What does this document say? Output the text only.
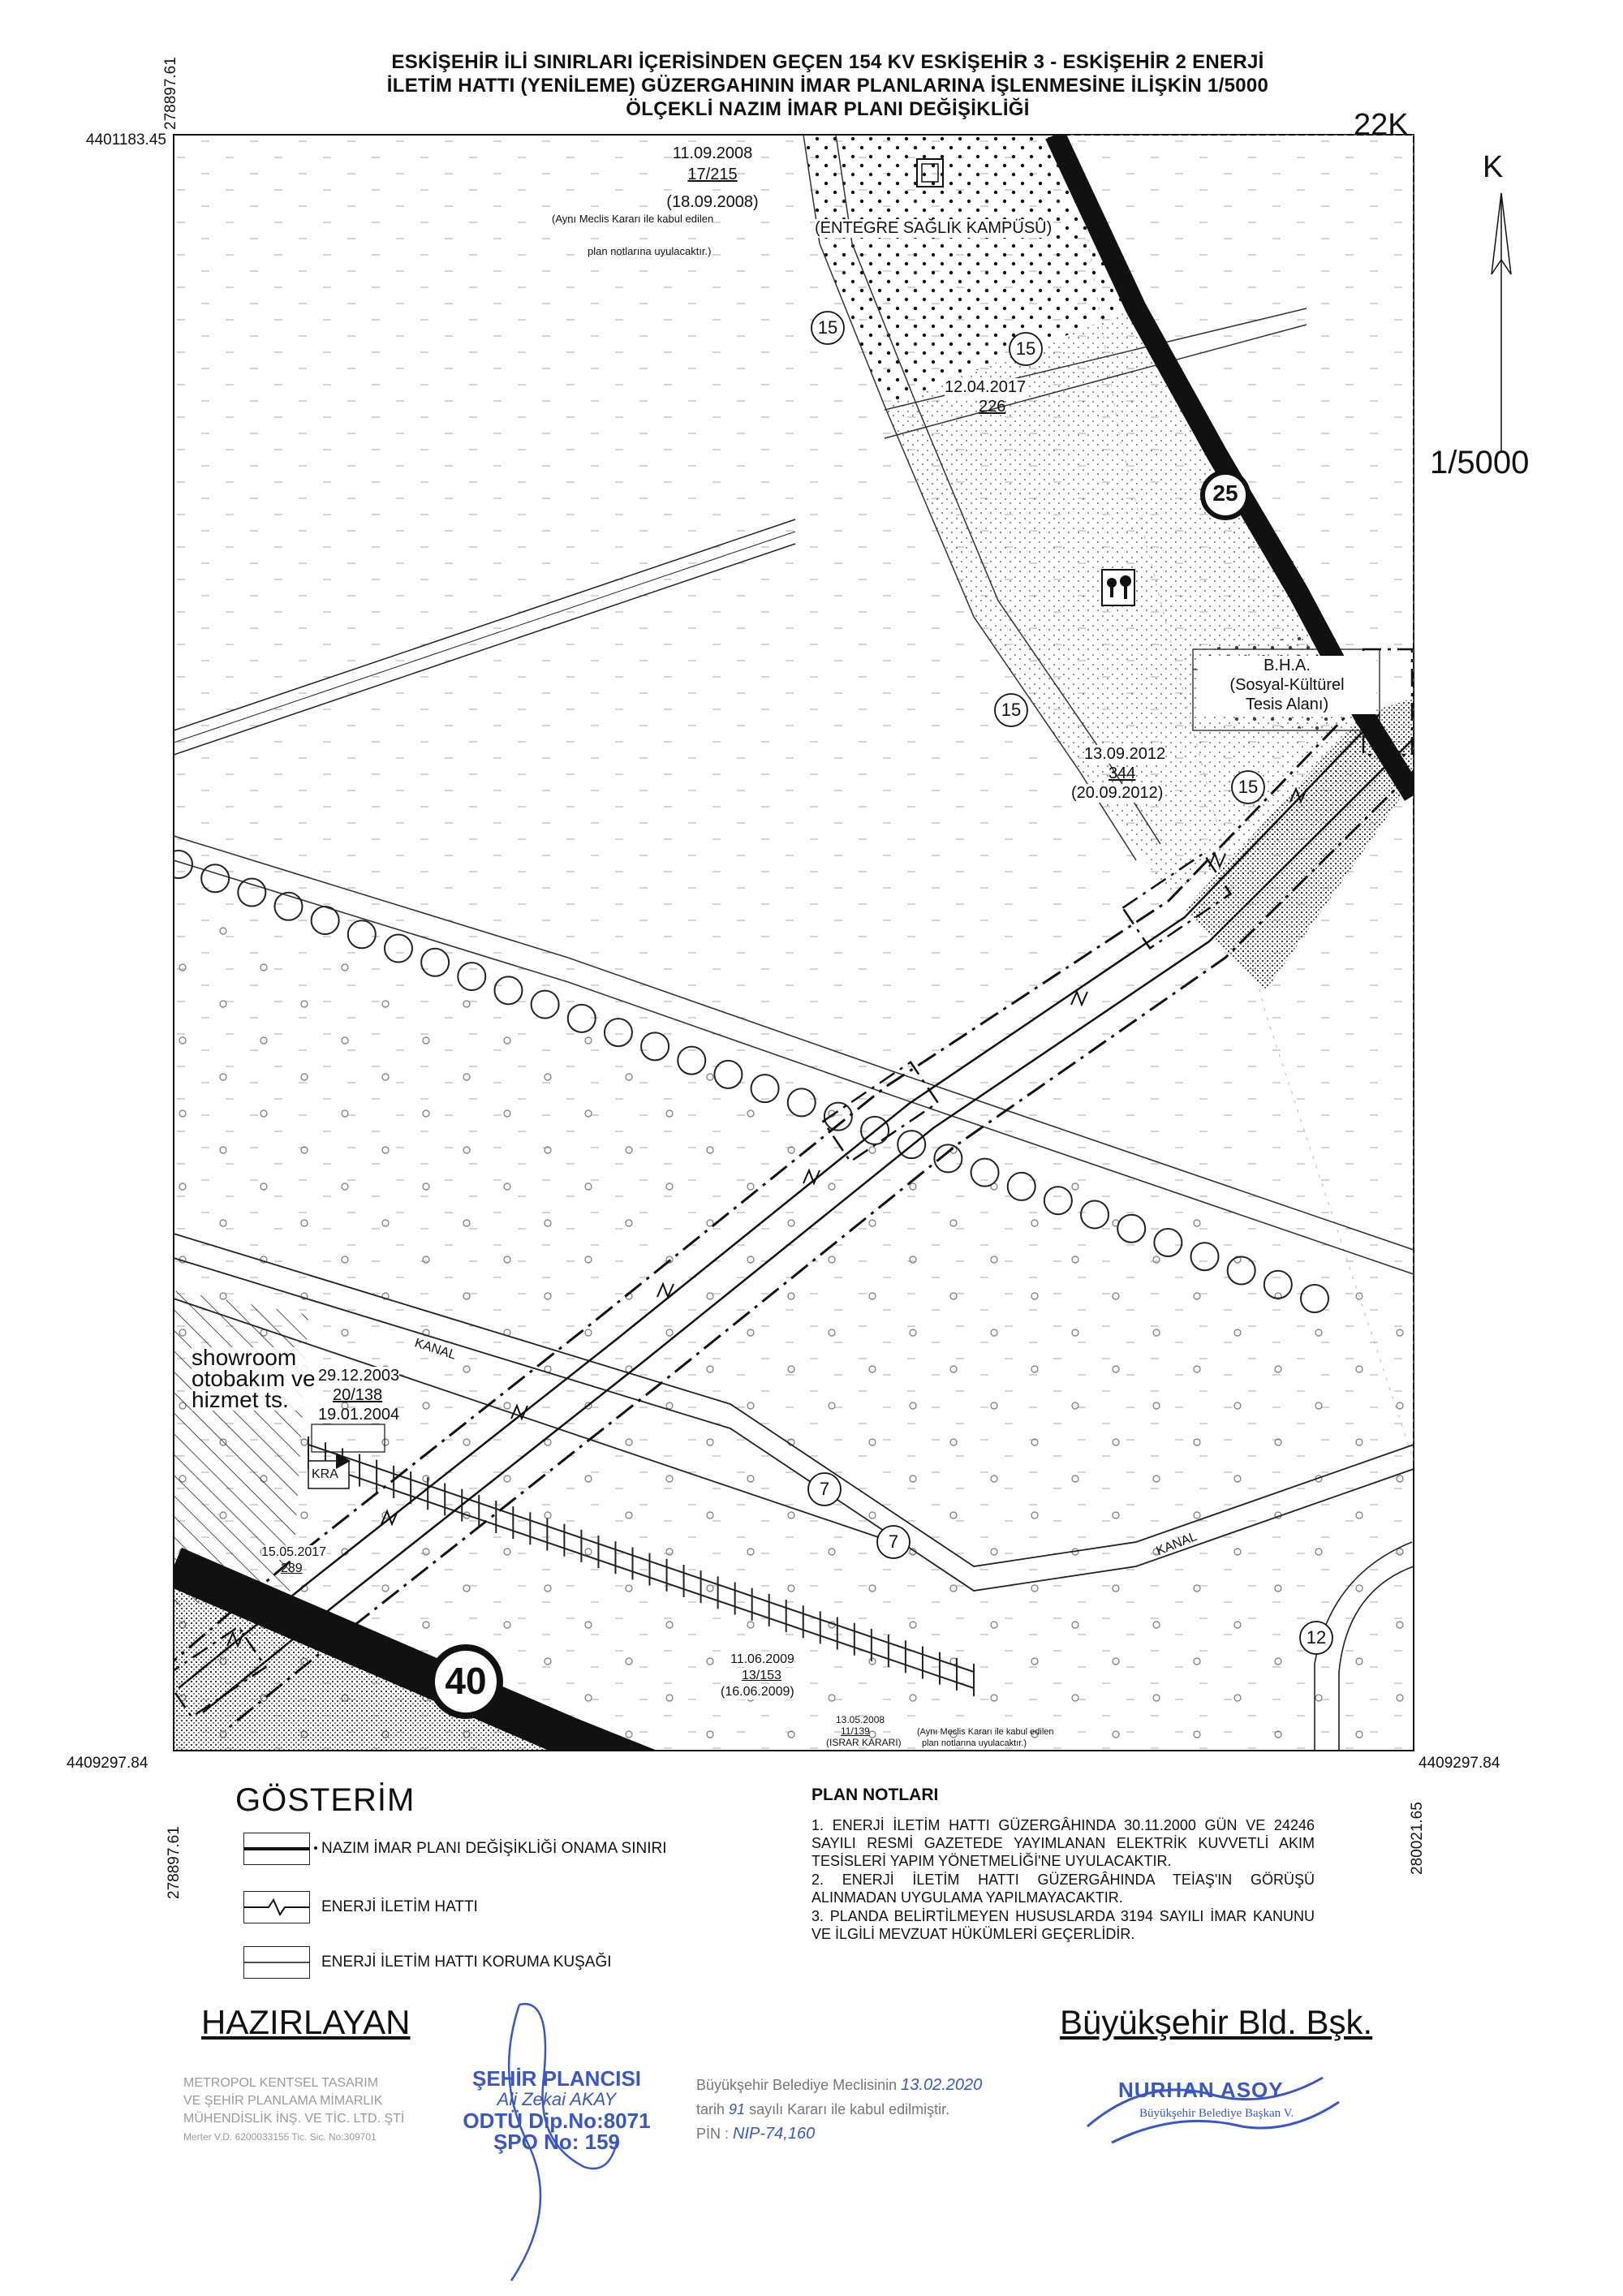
ESKİŞEHİR İLİ SINIRLARI İÇERİSİNDEN GEÇEN 154 KV ESKİŞEHİR 3 - ESKİŞEHİR 2 ENERJİ
İLETİM HATTI (YENİLEME) GÜZERGAHININ İMAR PLANLARINA İŞLENMESİNE İLİŞKİN 1/5000
ÖLÇEKLİ NAZIM İMAR PLANI DEĞİŞİKLİĞİ	22K
K
1/5000
4401183.45
278897.61
4409297.84
278897.61
4409297.84
280021.65
11.09.2008
17/215
(18.09.2008)
(Aynı Meclis Kararı ile kabul edilen
plan notlarına uyulacaktır.)
(ENTEGRE SAĞLIK KAMPÜSÜ)
12.04.2017
226
B.H.A.
(Sosyal-Kültürel
Tesis Alanı)
13.09.2012
344
(20.09.2012)
showroom
otobakım ve
hizmet ts.
29.12.2003
20/138
19.01.2004
KRA
15.05.2017
289
11.06.2009
13/153
(16.06.2009)
13.05.2008
11/139
(ISRAR KARARI)
(Aynı Meclis Kararı ile kabul edilen
plan notlarına uyulacaktır.)
KANAL
KANAL
15
15
15
15
25
7
7
12
40
GÖSTERİM
NAZIM İMAR PLANI DEĞİŞİKLİĞİ ONAMA SINIRI
ENERJİ İLETİM HATTI
ENERJİ İLETİM HATTI KORUMA KUŞAĞI
PLAN NOTLARI

1. ENERJİ İLETİM HATTI GÜZERGÂHINDA 30.11.2000 GÜN VE 24246 SAYILI RESMİ GAZETEDE YAYIMLANAN ELEKTRİK KUVVETLİ AKIM TESİSLERİ YAPIM YÖNETMELİĞİ'NE UYULACAKTIR.

2. ENERJİ İLETİM HATTI GÜZERGÂHINDA TEİAŞ'IN GÖRÜŞÜ ALINMADAN UYGULAMA YAPILMAYACAKTIR.

3. PLANDA BELİRTİLMEYEN HUSUSLARDA 3194 SAYILI İMAR KANUNU VE İLGİLİ MEVZUAT HÜKÜMLERİ GEÇERLİDİR.

HAZIRLAYAN	Büyükşehir Bld. Bşk.
METROPOL KENTSEL TASARIM
VE ŞEHİR PLANLAMA MİMARLIK
MÜHENDİSLİK İNŞ. VE TİC. LTD. ŞTİ
Merter V.D. 6200033155 Tic. Sic. No:309701
ŞEHİR PLANCISI
Ali Zekai AKAY
ODTÜ Dip.No:8071
ŞPO No: 159
Büyükşehir Belediye Meclisinin 13.02.2020
tarih 91 sayılı Kararı ile kabul edilmiştir.
PİN : NIP-74,160
NURHAN ASOY
Büyükşehir Belediye Başkan V.
